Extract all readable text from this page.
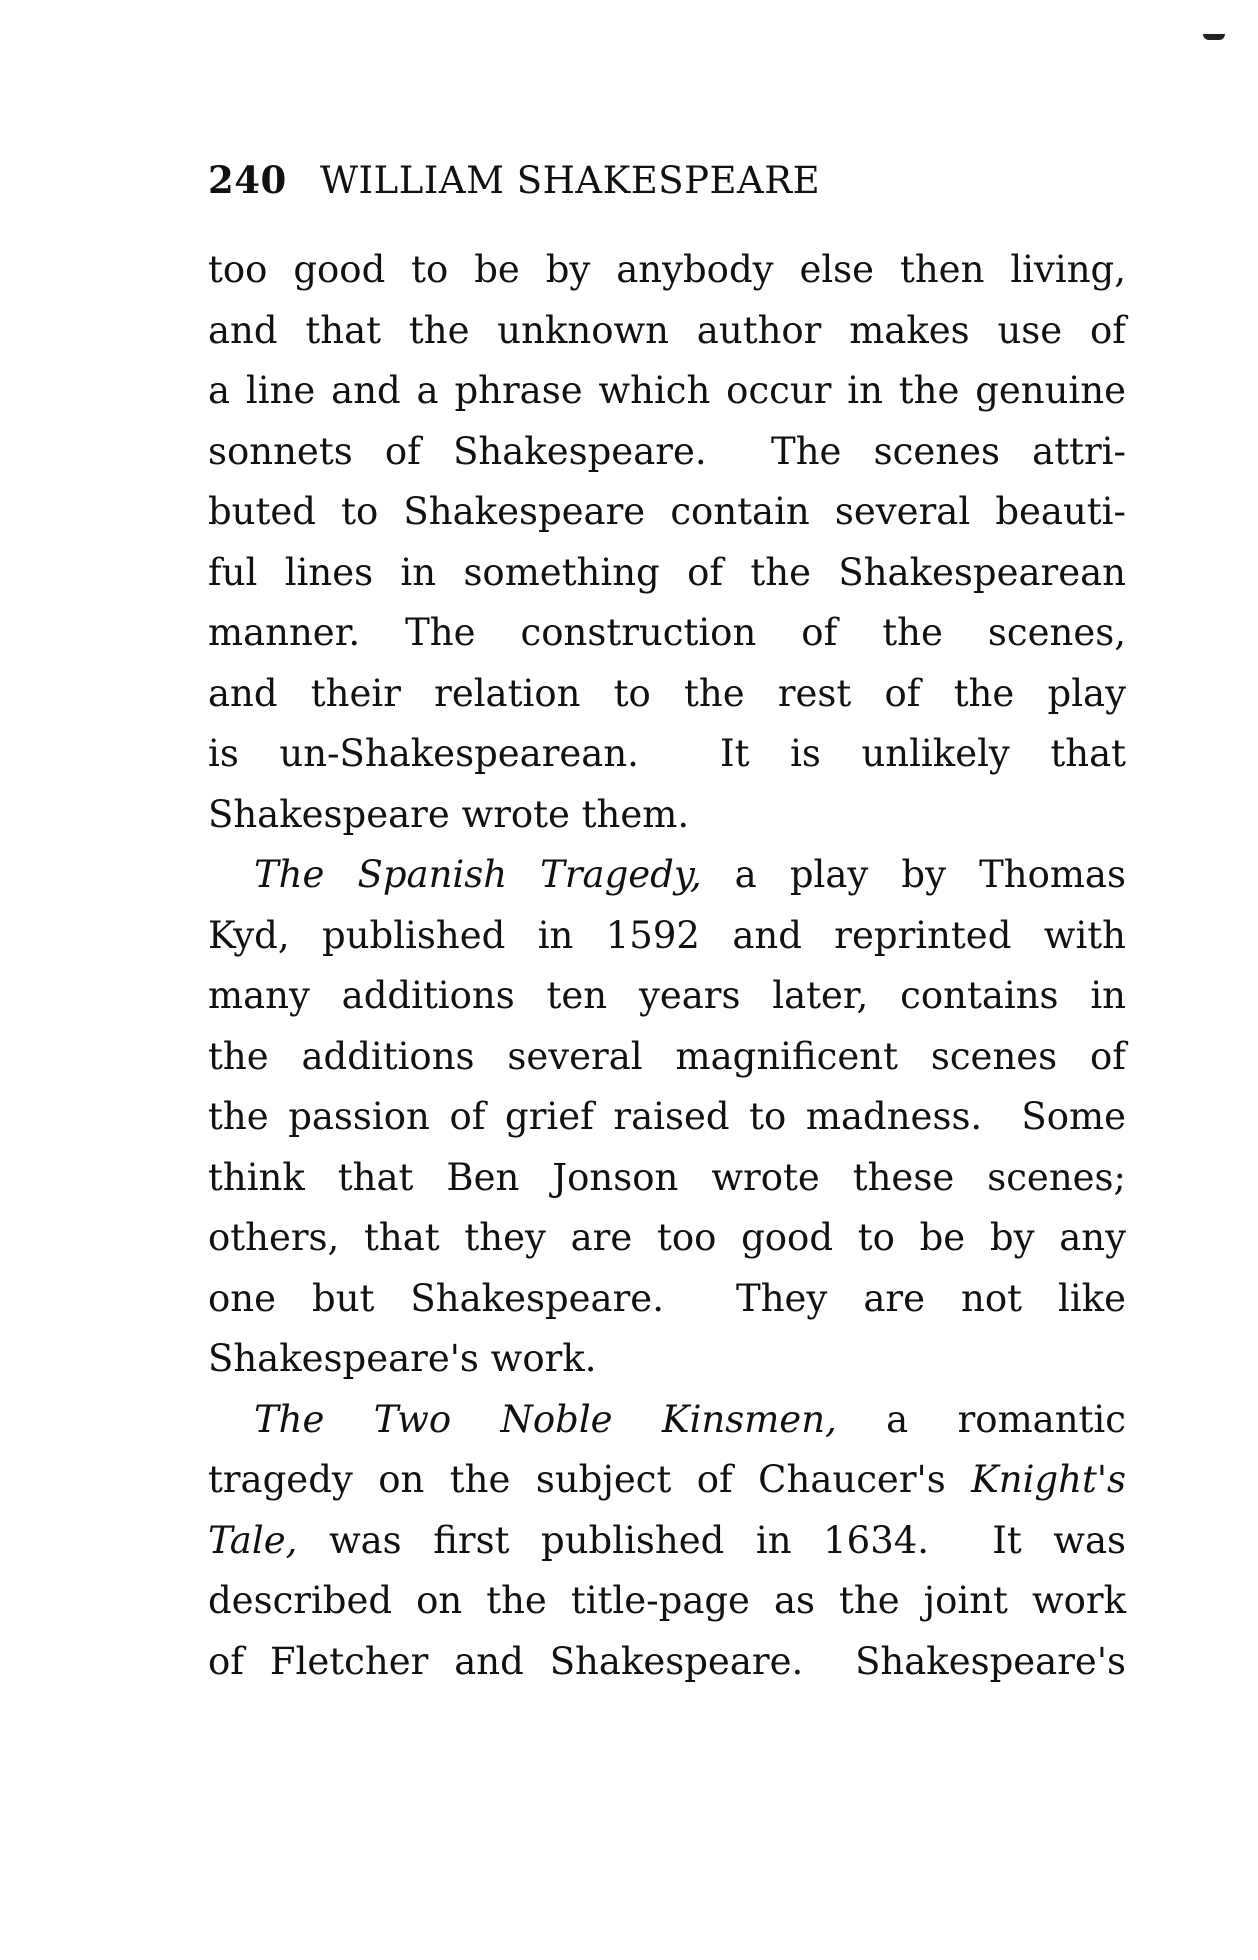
240 WILLIAM SHAKESPEARE
too good to be by anybody else then living,
and that the unknown author makes use of
a line and a phrase which occur in the genuine
sonnets of Shakespeare.  The scenes attri-
buted to Shakespeare contain several beauti-
ful lines in something of the Shakespearean
manner. The construction of the scenes,
and their relation to the rest of the play
is un-Shakespearean.  It is unlikely that
Shakespeare wrote them.
The Spanish Tragedy, a play by Thomas
Kyd, published in 1592 and reprinted with
many additions ten years later, contains in
the additions several magnificent scenes of
the passion of grief raised to madness.  Some
think that Ben Jonson wrote these scenes;
others, that they are too good to be by any
one but Shakespeare.  They are not like
Shakespeare's work.
The Two Noble Kinsmen, a romantic
tragedy on the subject of Chaucer's Knight's
Tale, was first published in 1634.  It was
described on the title-page as the joint work
of Fletcher and Shakespeare.  Shakespeare's
